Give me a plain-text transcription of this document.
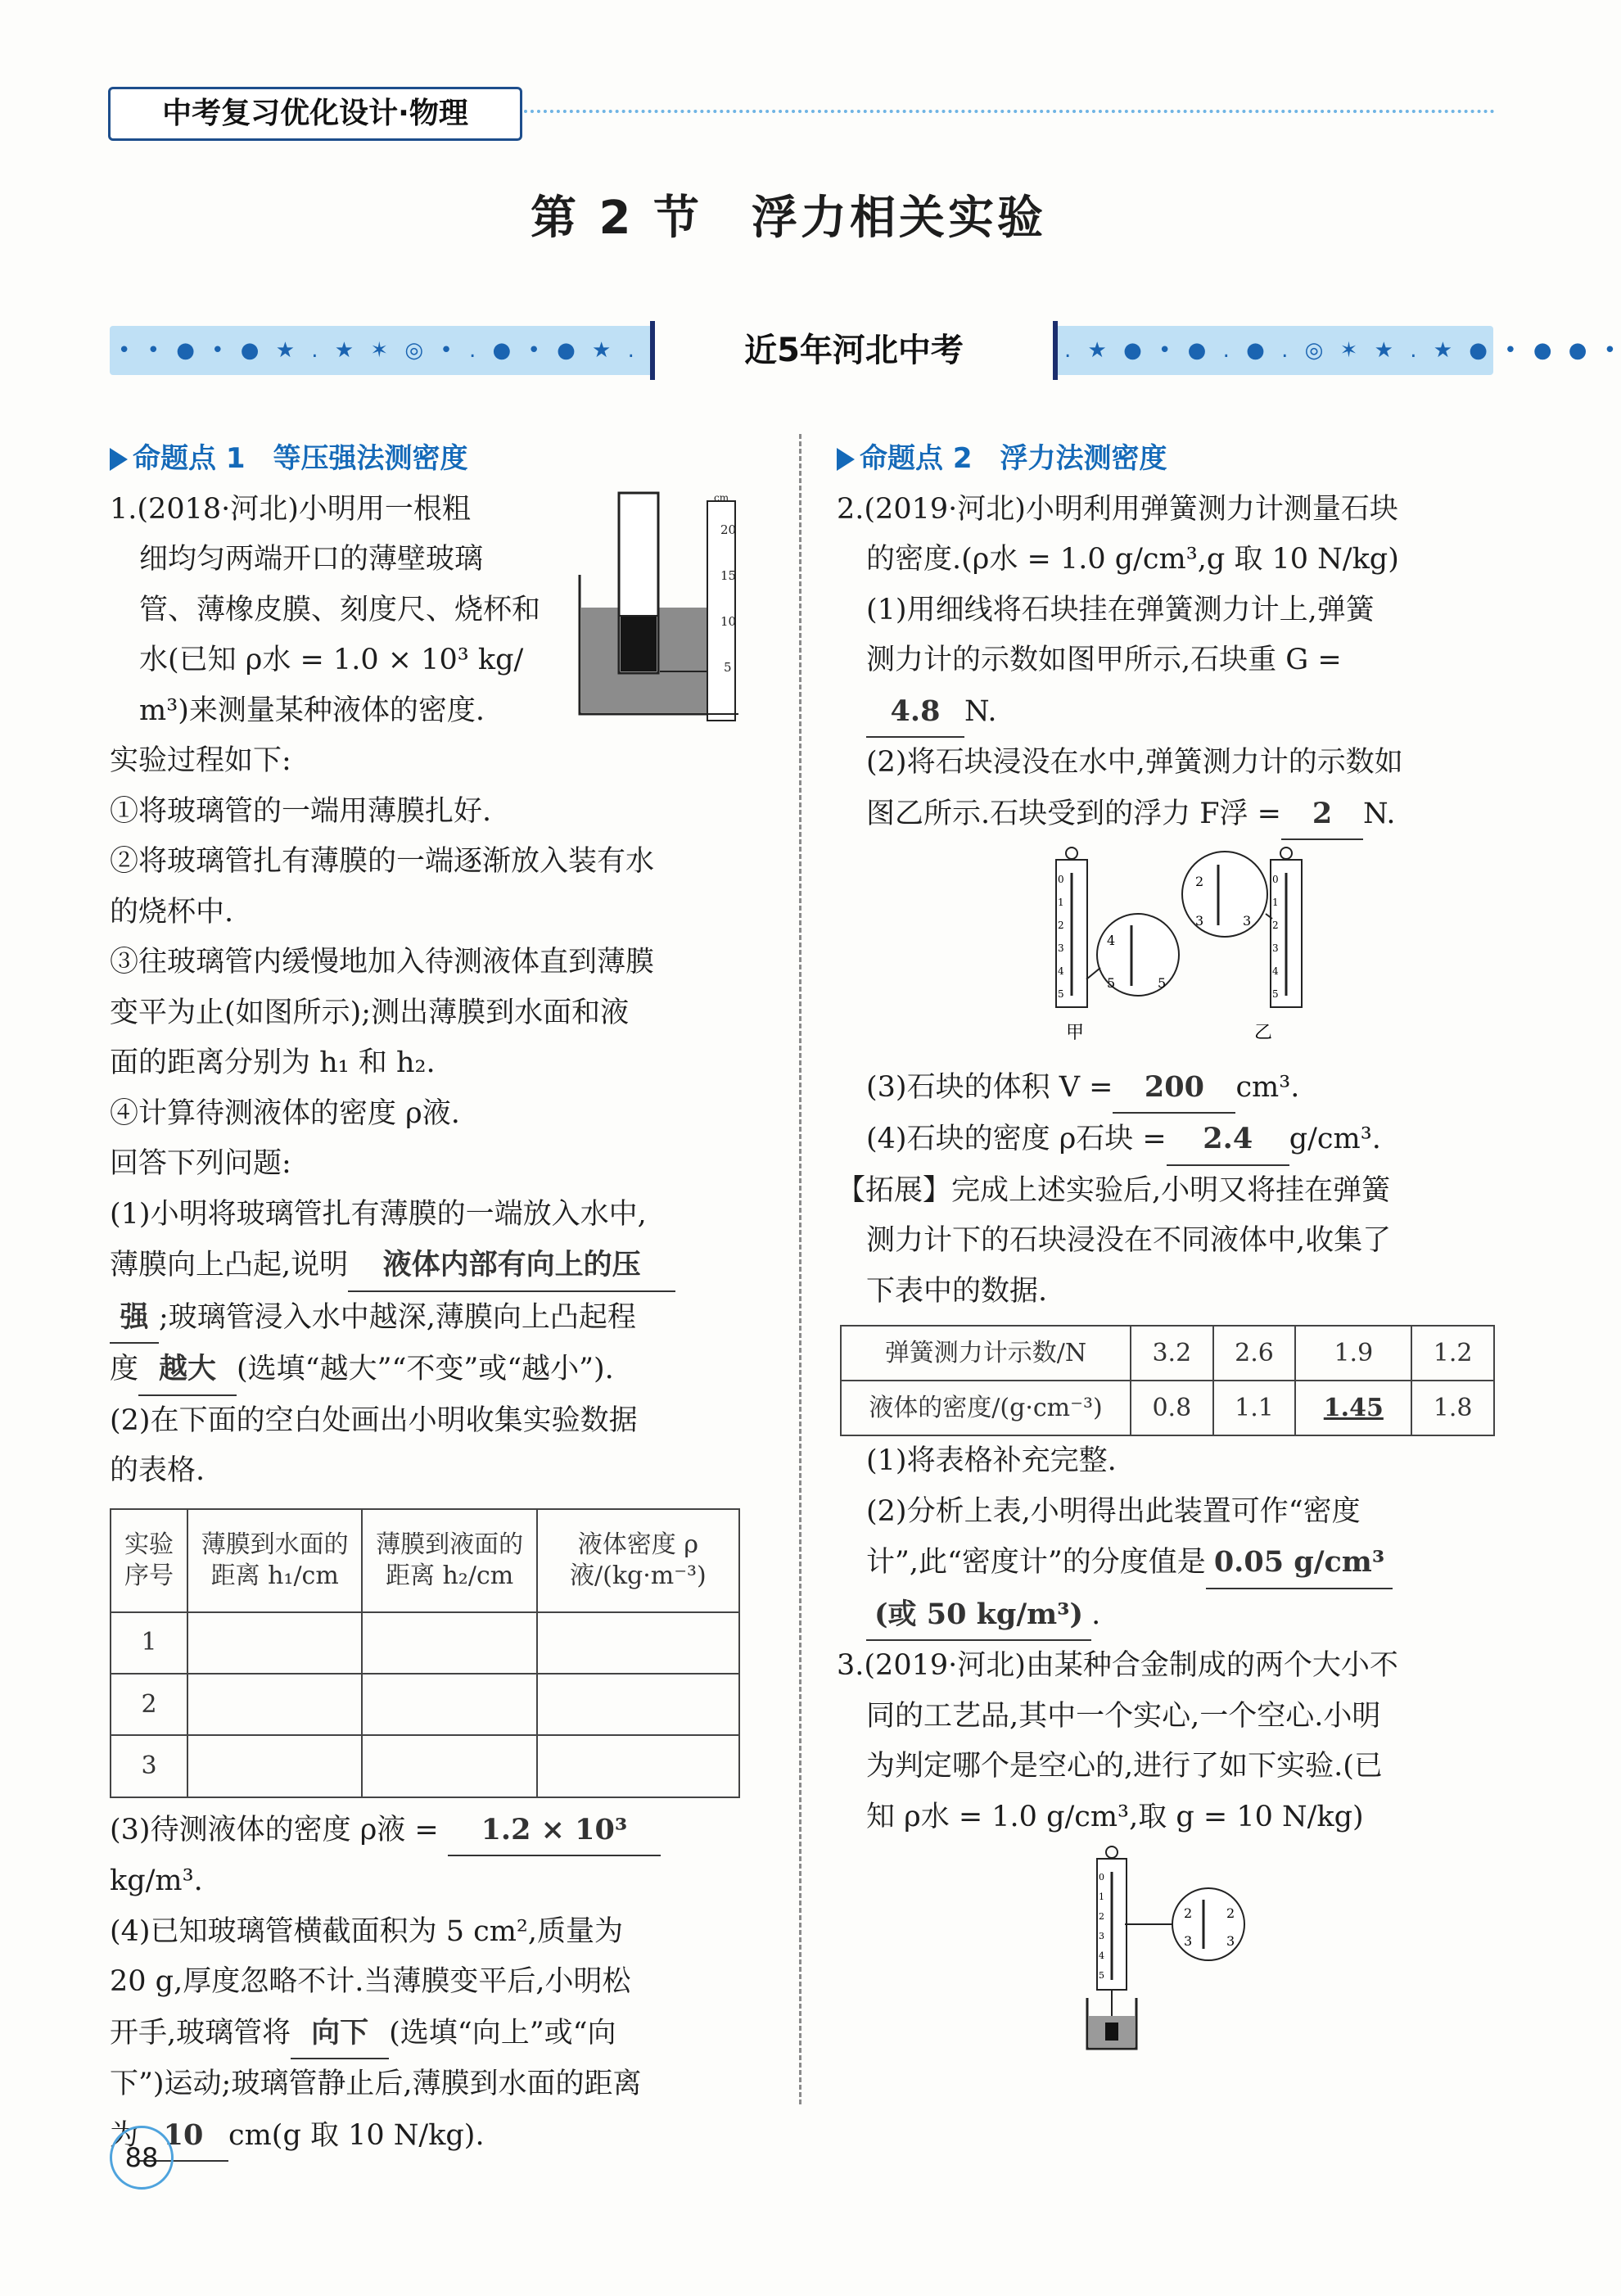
中考复习优化设计·物理
第 2 节　浮力相关实验
• • ● • ● ★ . ★ ✶ ◎ • . ● • ● ★ .	近5年河北中考	. ★ ● • ● . ● . ◎ ✶ ★ . ★ ● • ● ● •

命题点 1　等压强法测密度

1.(2018·河北)小明用一根粗

细均匀两端开口的薄壁玻璃

管、薄橡皮膜、刻度尺、烧杯和

水(已知 ρ水 = 1.0 × 10³ kg/

m³)来测量某种液体的密度.

cm
20
15
10
5

实验过程如下:

①将玻璃管的一端用薄膜扎好.

②将玻璃管扎有薄膜的一端逐渐放入装有水

的烧杯中.

③往玻璃管内缓慢地加入待测液体直到薄膜

变平为止(如图所示);测出薄膜到水面和液

面的距离分别为 h₁ 和 h₂.

④计算待测液体的密度 ρ液.

回答下列问题:

(1)小明将玻璃管扎有薄膜的一端放入水中,

薄膜向上凸起,说明 液体内部有向上的压

强 ;玻璃管浸入水中越深,薄膜向上凸起程

度 越大 (选填“越大”“不变”或“越小”).

(2)在下面的空白处画出小明收集实验数据

的表格.

实验序号	薄膜到水面的距离 h₁/cm	薄膜到液面的距离 h₂/cm	液体密度 ρ液/(kg·m⁻³)
1			
2			
3			

(3)待测液体的密度 ρ液 = 1.2 × 10³

kg/m³.

(4)已知玻璃管横截面积为 5 cm²,质量为

20 g,厚度忽略不计.当薄膜变平后,小明松

开手,玻璃管将 向下 (选填“向上”或“向

下”)运动;玻璃管静止后,薄膜到水面的距离

为 10 cm(g 取 10 N/kg).

命题点 2　浮力法测密度

2.(2019·河北)小明利用弹簧测力计测量石块

的密度.(ρ水 = 1.0 g/cm³,g 取 10 N/kg)

(1)用细线将石块挂在弹簧测力计上,弹簧

测力计的示数如图甲所示,石块重 G =

4.8 N.

(2)将石块浸没在水中,弹簧测力计的示数如

图乙所示.石块受到的浮力 F浮 = 2 N.

0
1
2
3
4
5
4
5	5
甲
2
3	3
0
1
2
3
4
5
乙

(3)石块的体积 V = 200 cm³.

(4)石块的密度 ρ石块 = 2.4 g/cm³.

【拓展】完成上述实验后,小明又将挂在弹簧

测力计下的石块浸没在不同液体中,收集了

下表中的数据.

弹簧测力计示数/N	3.2	2.6	1.9	1.2
液体的密度/(g·cm⁻³)	0.8	1.1	1.45	1.8

(1)将表格补充完整.

(2)分析上表,小明得出此装置可作“密度

计”,此“密度计”的分度值是 0.05 g/cm³

(或 50 kg/m³) .

3.(2019·河北)由某种合金制成的两个大小不

同的工艺品,其中一个实心,一个空心.小明

为判定哪个是空心的,进行了如下实验.(已

知 ρ水 = 1.0 g/cm³,取 g = 10 N/kg)

0
1
2
3
4
5
2
3
2
3
88
